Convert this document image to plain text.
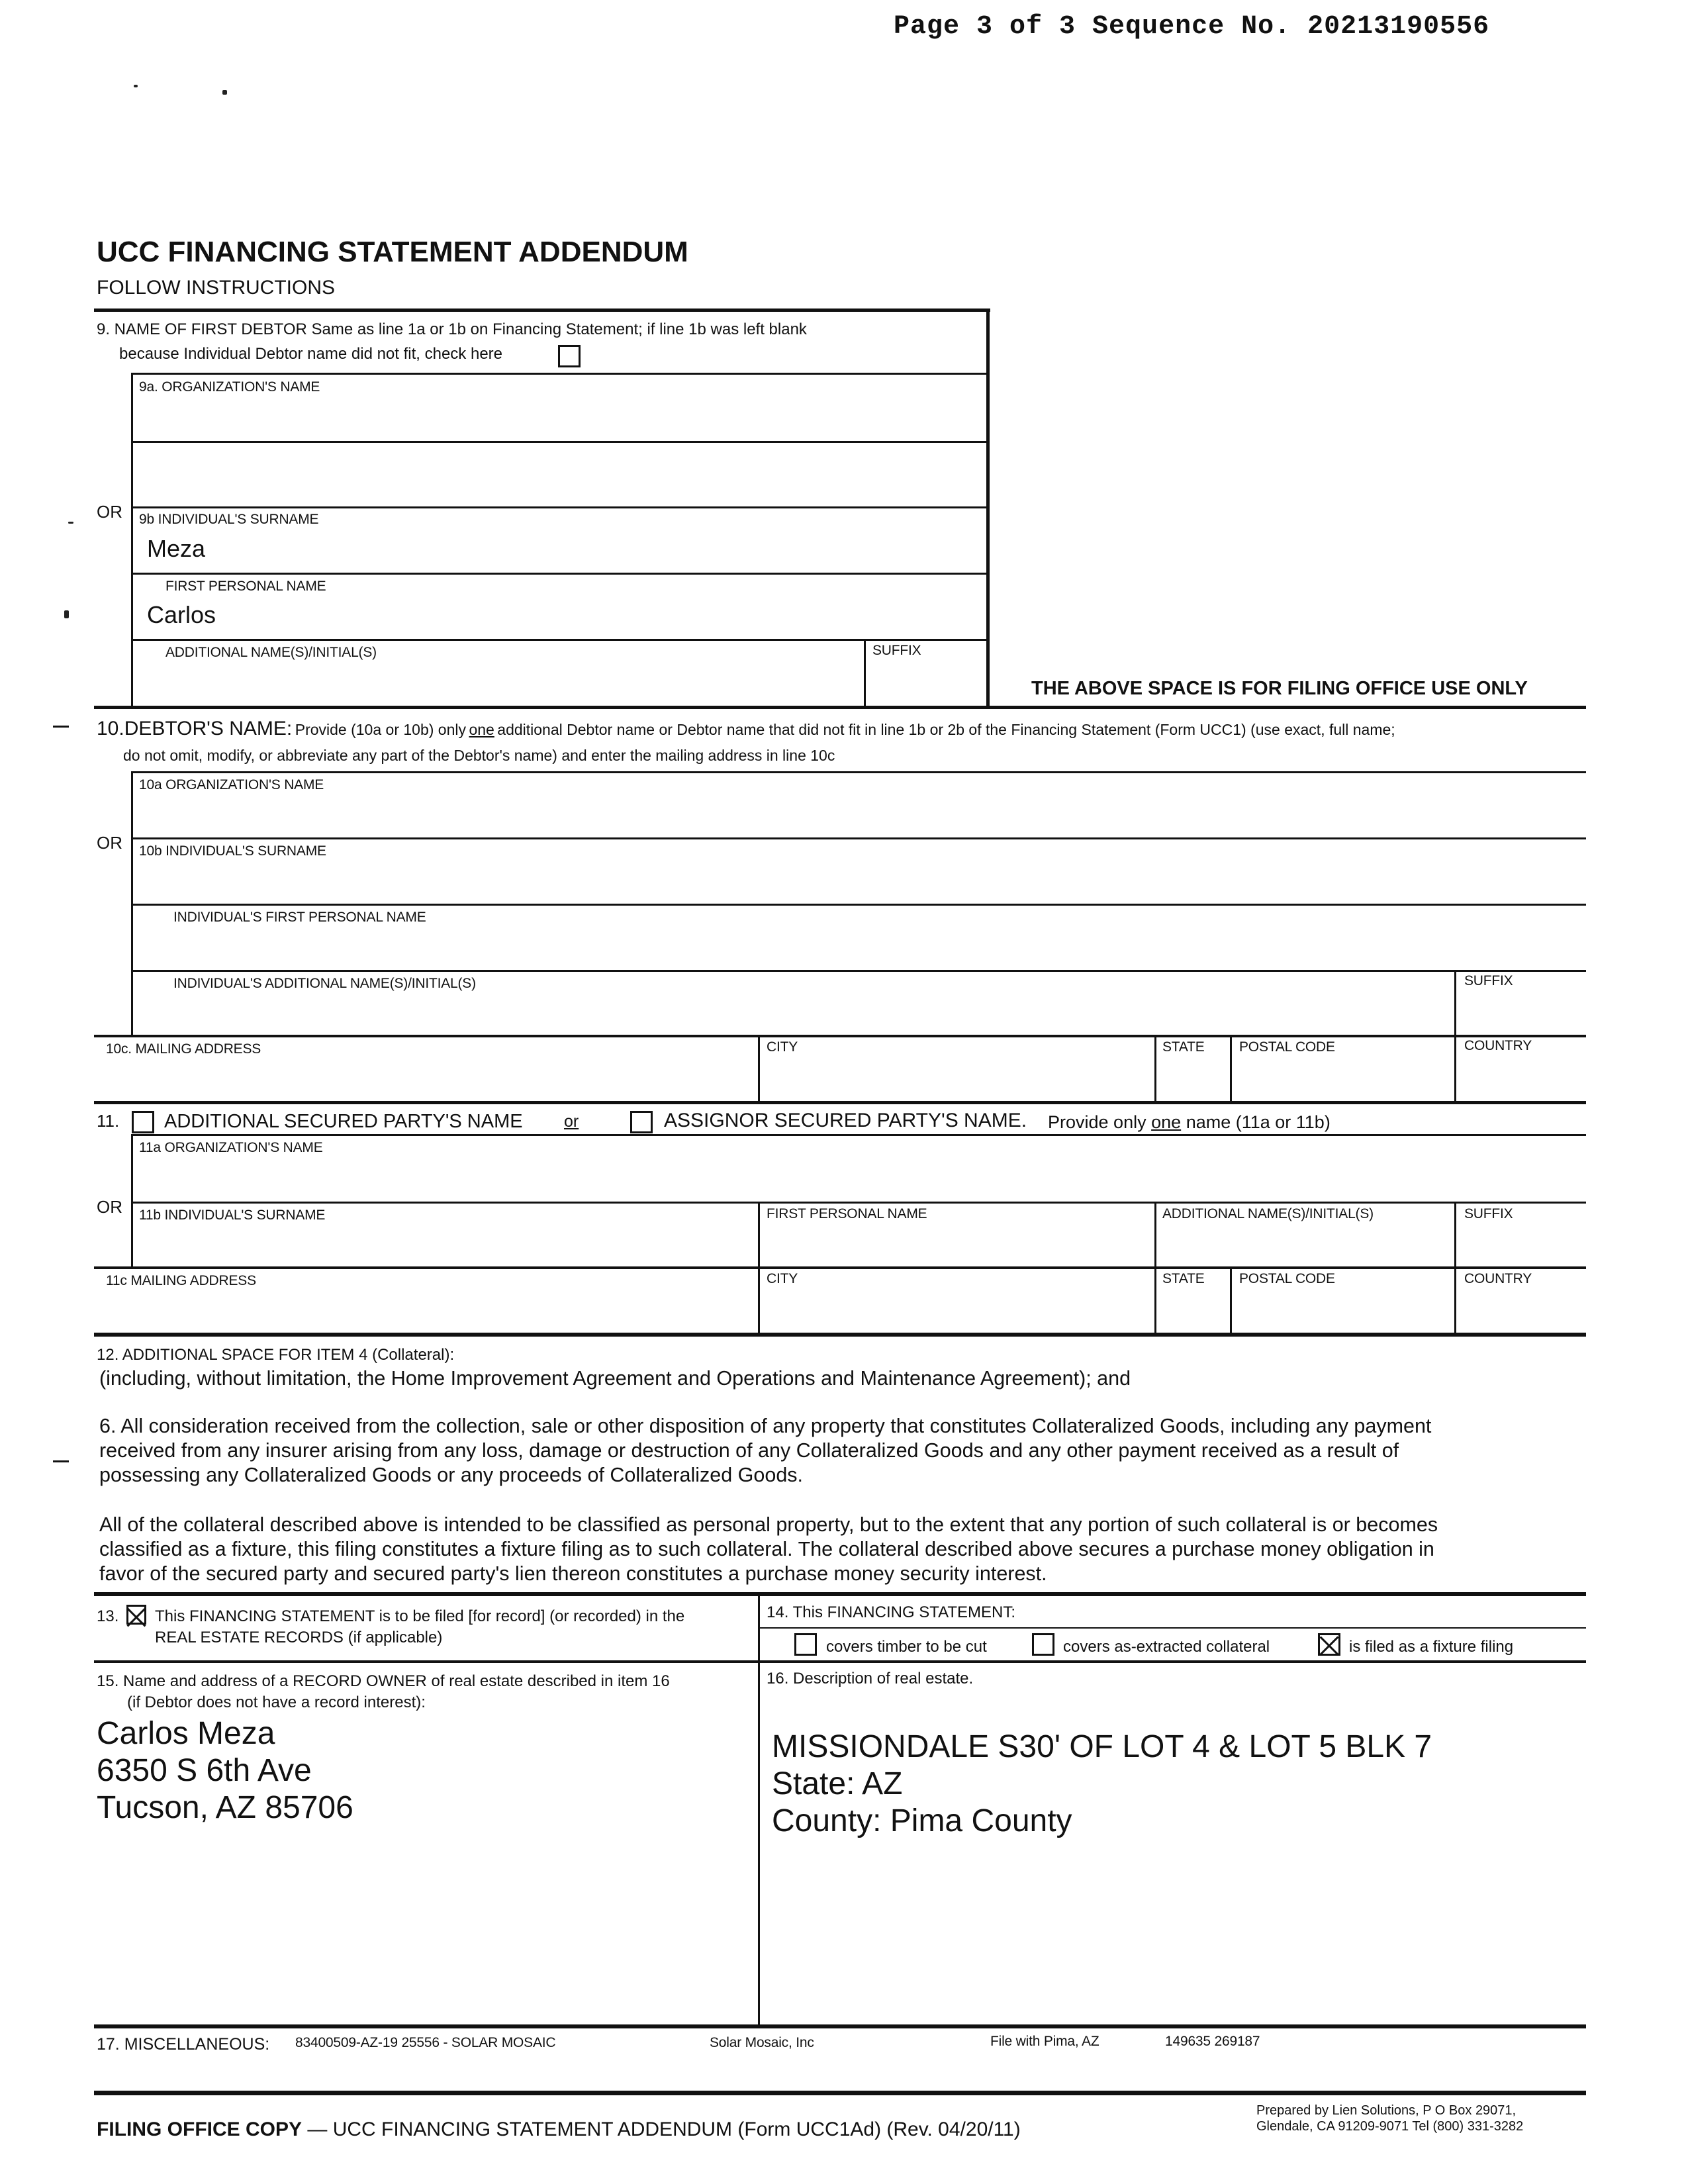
Page 3 of 3 Sequence No. 20213190556
UCC FINANCING STATEMENT ADDENDUM
FOLLOW INSTRUCTIONS
9. NAME OF FIRST DEBTOR Same as line 1a or 1b on Financing Statement; if line 1b was left blank
because Individual Debtor name did not fit, check here
9a. ORGANIZATION'S NAME
OR 9b INDIVIDUAL'S SURNAME
Meza
FIRST PERSONAL NAME
Carlos
ADDITIONAL NAME(S)/INITIAL(S)	SUFFIX
THE ABOVE SPACE IS FOR FILING OFFICE USE ONLY
10.DEBTOR'S NAME: Provide (10a or 10b) only one additional Debtor name or Debtor name that did not fit in line 1b or 2b of the Financing Statement (Form UCC1) (use exact, full name;
do not omit, modify, or abbreviate any part of the Debtor's name) and enter the mailing address in line 10c
10a ORGANIZATION'S NAME
OR 10b INDIVIDUAL'S SURNAME
INDIVIDUAL'S FIRST PERSONAL NAME
INDIVIDUAL'S ADDITIONAL NAME(S)/INITIAL(S)	SUFFIX
10c. MAILING ADDRESS	CITY	STATE POSTAL CODE	COUNTRY
11. ADDITIONAL SECURED PARTY'S NAME or	ASSIGNOR SECURED PARTY'S NAME. Provide only one name (11a or 11b)
11a ORGANIZATION'S NAME
OR 11b INDIVIDUAL'S SURNAME	FIRST PERSONAL NAME	ADDITIONAL NAME(S)/INITIAL(S)	SUFFIX
11c MAILING ADDRESS	CITY	STATE POSTAL CODE	COUNTRY
12. ADDITIONAL SPACE FOR ITEM 4 (Collateral):
(including, without limitation, the Home Improvement Agreement and Operations and Maintenance Agreement); and
6. All consideration received from the collection, sale or other disposition of any property that constitutes Collateralized Goods, including any payment
received from any insurer arising from any loss, damage or destruction of any Collateralized Goods and any other payment received as a result of
possessing any Collateralized Goods or any proceeds of Collateralized Goods.
All of the collateral described above is intended to be classified as personal property, but to the extent that any portion of such collateral is or becomes
classified as a fixture, this filing constitutes a fixture filing as to such collateral. The collateral described above secures a purchase money obligation in
favor of the secured party and secured party's lien thereon constitutes a purchase money security interest.
13. This FINANCING STATEMENT is to be filed [for record] (or recorded) in the
REAL ESTATE RECORDS (if applicable)
14. This FINANCING STATEMENT:
covers timber to be cut	covers as-extracted collateral	is filed as a fixture filing
15. Name and address of a RECORD OWNER of real estate described in item 16
(if Debtor does not have a record interest):
Carlos Meza
6350 S 6th Ave
Tucson, AZ 85706
16. Description of real estate.
MISSIONDALE S30' OF LOT 4 & LOT 5 BLK 7
State: AZ
County: Pima County
17. MISCELLANEOUS: 83400509-AZ-19 25556 - SOLAR MOSAIC	Solar Mosaic, Inc	File with Pima, AZ	149635 269187
FILING OFFICE COPY — UCC FINANCING STATEMENT ADDENDUM (Form UCC1Ad) (Rev. 04/20/11)
Prepared by Lien Solutions, P O Box 29071,
Glendale, CA 91209-9071 Tel (800) 331-3282
